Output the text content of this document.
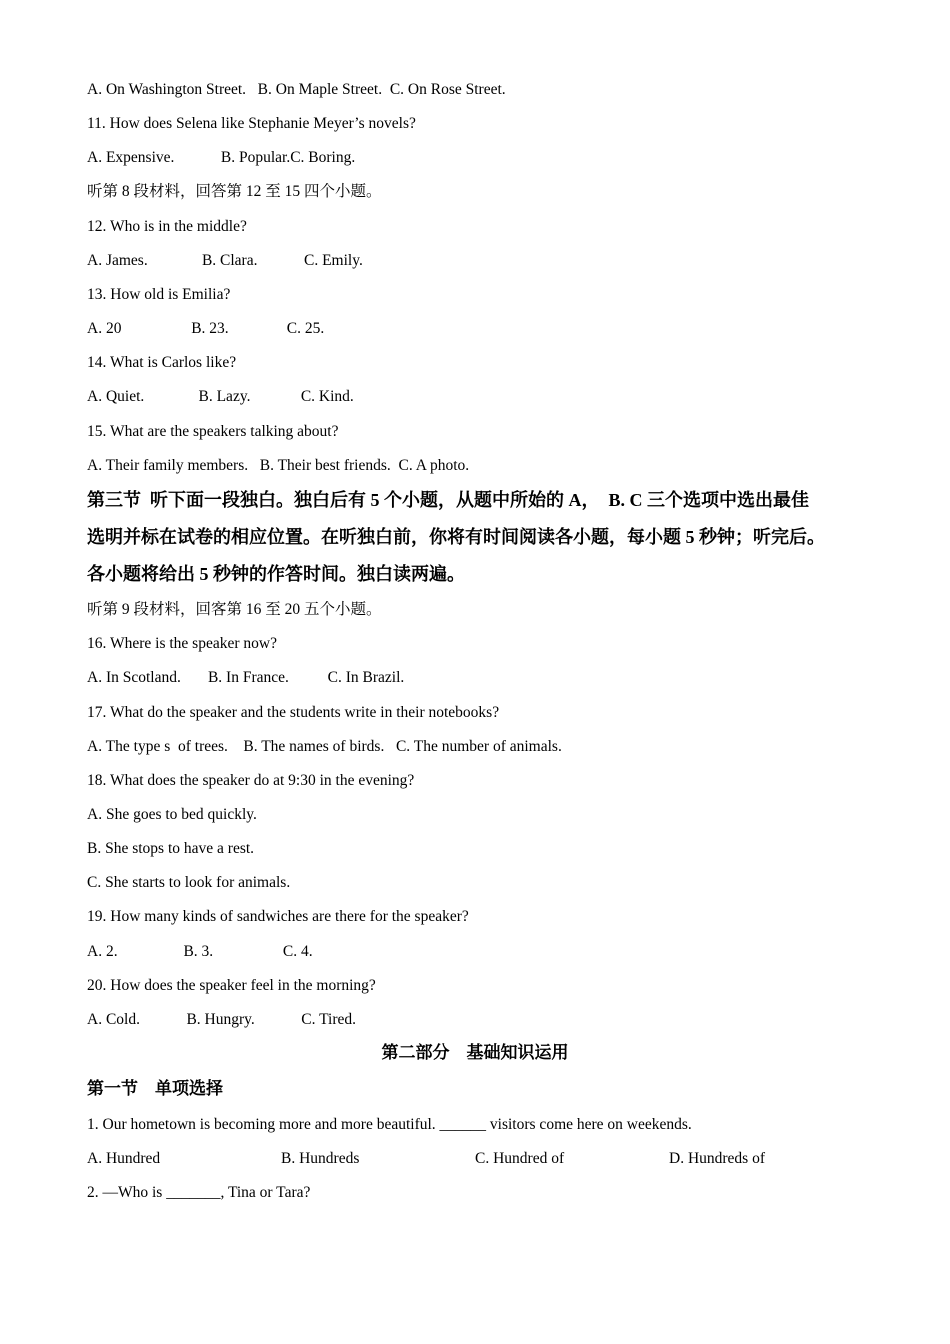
A. On Washington Street.   B. On Maple Street.  C. On Rose Street.
11. How does Selena like Stephanie Meyer’s novels?
A. Expensive.            B. Popular.C. Boring.
听第 8 段材料，回答第 12 至 15 四个小题。
12. Who is in the middle?
A. James.              B. Clara.            C. Emily.
13. How old is Emilia?
A. 20                  B. 23.               C. 25.
14. What is Carlos like?
A. Quiet.              B. Lazy.             C. Kind.
15. What are the speakers talking about?
A. Their family members.   B. Their best friends.  C. A photo.
第三节  听下面一段独白。独白后有 5 个小题，从题中所始的 A，  B. C 三个选项中选出最佳
选明并标在试卷的相应位置。在听独白前，你将有时间阅读各小题，每小题 5 秒钟；听完后。
各小题将给出 5 秒钟的作答时间。独白读两遍。
听第 9 段材料，回客第 16 至 20 五个小题。
16. Where is the speaker now?
A. In Scotland.       B. In France.          C. In Brazil.
17. What do the speaker and the students write in their notebooks?
A. The type s  of trees.    B. The names of birds.   C. The number of animals.
18. What does the speaker do at 9:30 in the evening?
A. She goes to bed quickly.
B. She stops to have a rest.
C. She starts to look for animals.
19. How many kinds of sandwiches are there for the speaker?
A. 2.                 B. 3.                  C. 4.
20. How does the speaker feel in the morning?
A. Cold.            B. Hungry.            C. Tired.
第二部分    基础知识运用
第一节    单项选择
1. Our hometown is becoming more and more beautiful. ______ visitors come here on weekends.

A. Hundred

	B. Hundreds

	C. Hundred of

	D. Hundreds of

2. —Who is _______, Tina or Tara?
